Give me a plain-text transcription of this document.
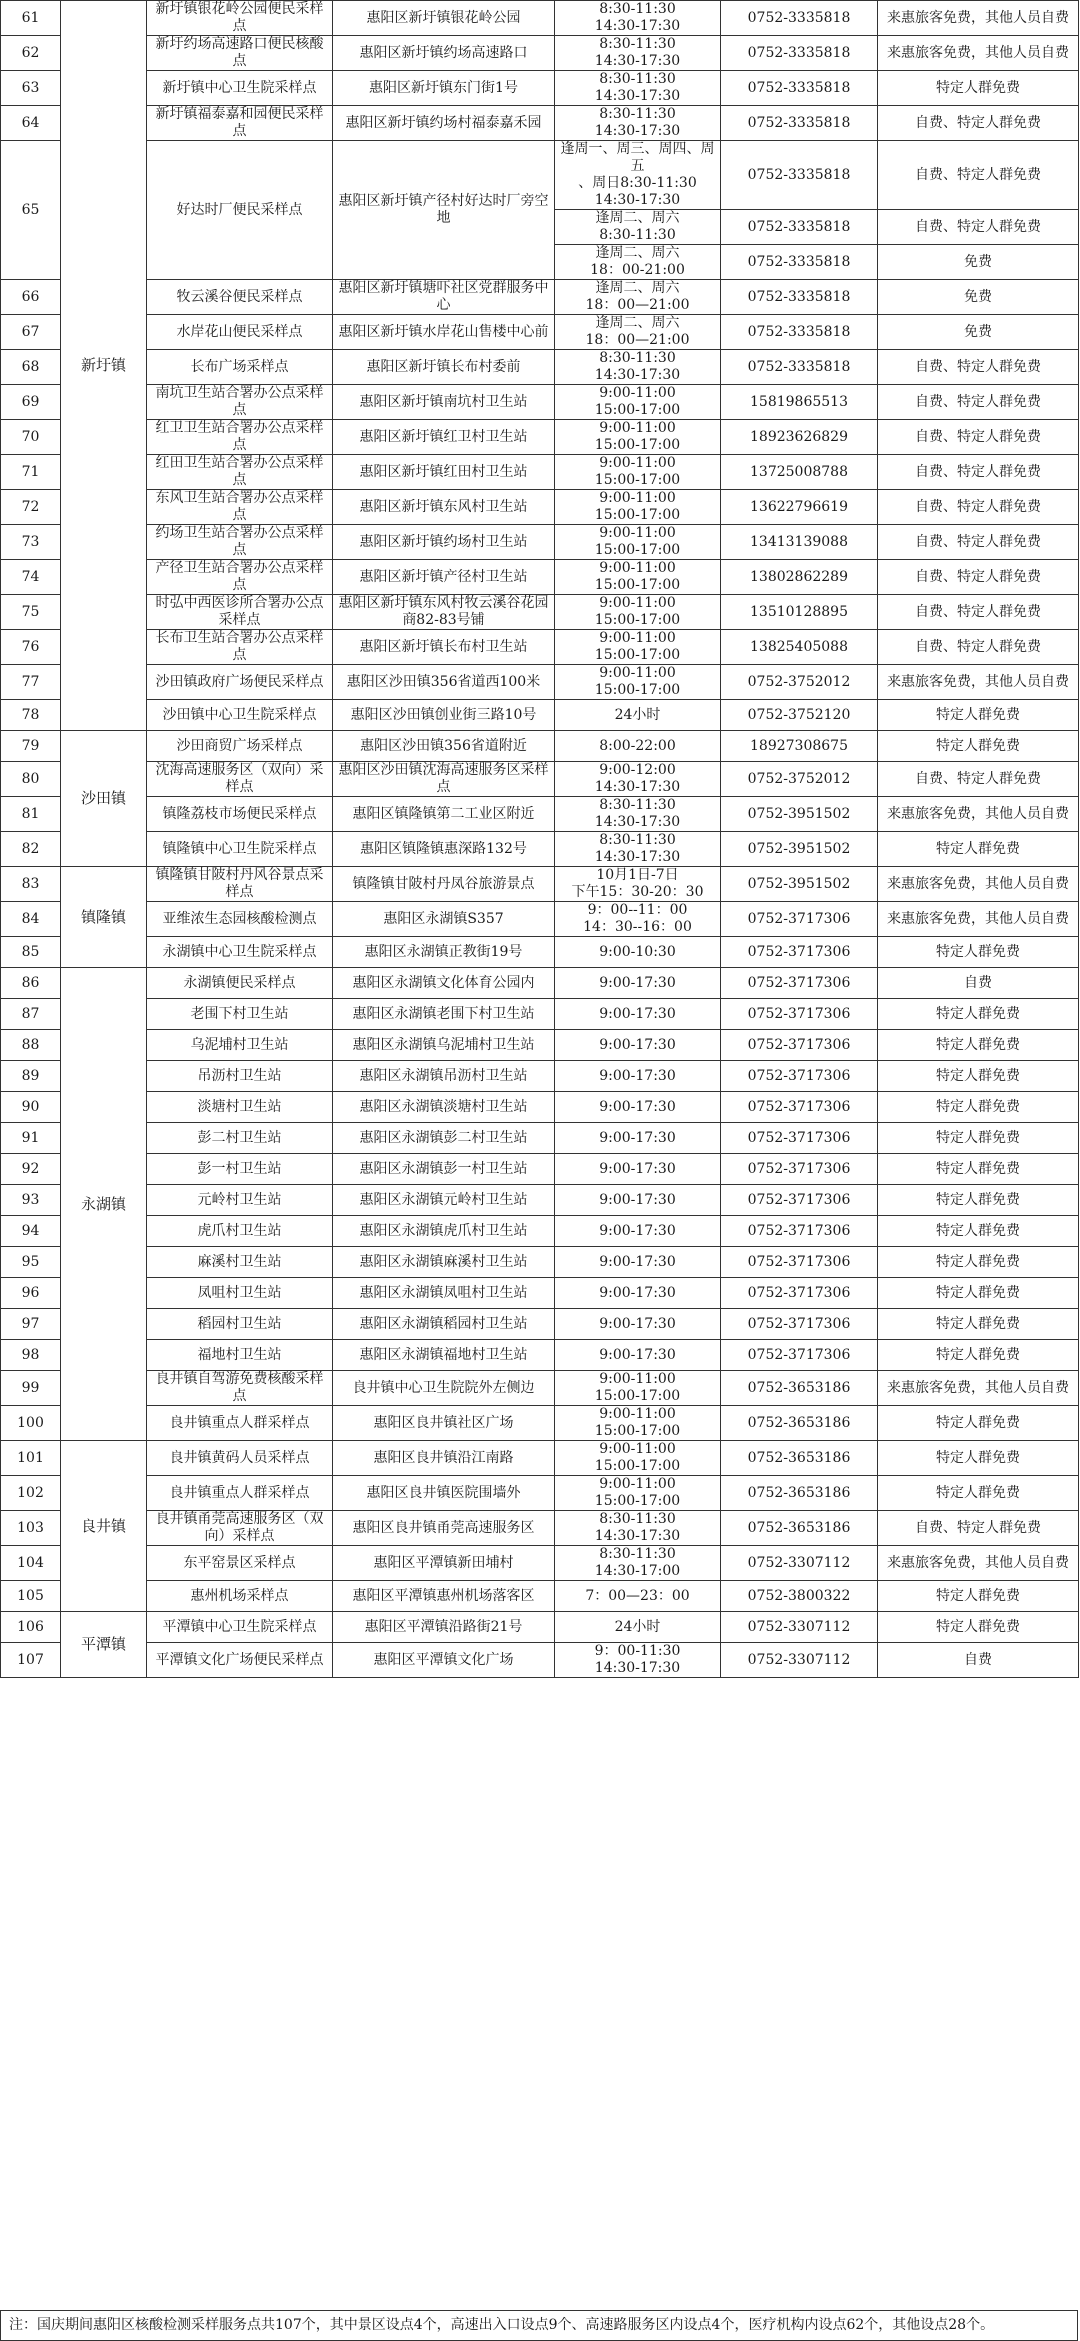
61	新圩镇	新圩镇银花岭公园便民采样点	惠阳区新圩镇银花岭公园	8:30-11:30
14:30-17:30	0752-3335818	来惠旅客免费，其他人员自费
62		新圩约场高速路口便民核酸点	惠阳区新圩镇约场高速路口	8:30-11:30
14:30-17:30	0752-3335818	来惠旅客免费，其他人员自费
63		新圩镇中心卫生院采样点	惠阳区新圩镇东门街1号	8:30-11:30
14:30-17:30	0752-3335818	特定人群免费
64		新圩镇福泰嘉和园便民采样点	惠阳区新圩镇约场村福泰嘉禾园	8:30-11:30
14:30-17:30	0752-3335818	自费、特定人群免费
65		好达时厂便民采样点	惠阳区新圩镇产径村好达时厂旁空地	逢周一、周三、周四、周五
、周日8:30-11:30
14:30-17:30	0752-3335818	自费、特定人群免费

				逢周二、周六
8:30-11:30	0752-3335818	自费、特定人群免费

				逢周二、周六
18：00-21:00	0752-3335818	免费
66		牧云溪谷便民采样点	惠阳区新圩镇塘吓社区党群服务中心	逢周二、周六
18：00—21:00	0752-3335818	免费
67		水岸花山便民采样点	惠阳区新圩镇水岸花山售楼中心前	逢周二、周六
18：00—21:00	0752-3335818	免费
68		长布广场采样点	惠阳区新圩镇长布村委前	8:30-11:30
14:30-17:30	0752-3335818	自费、特定人群免费
69		南坑卫生站合署办公点采样点	惠阳区新圩镇南坑村卫生站	9:00-11:00
15:00-17:00	15819865513	自费、特定人群免费
70		红卫卫生站合署办公点采样点	惠阳区新圩镇红卫村卫生站	9:00-11:00
15:00-17:00	18923626829	自费、特定人群免费
71		红田卫生站合署办公点采样点	惠阳区新圩镇红田村卫生站	9:00-11:00
15:00-17:00	13725008788	自费、特定人群免费
72		东风卫生站合署办公点采样点	惠阳区新圩镇东风村卫生站	9:00-11:00
15:00-17:00	13622796619	自费、特定人群免费
73		约场卫生站合署办公点采样点	惠阳区新圩镇约场村卫生站	9:00-11:00
15:00-17:00	13413139088	自费、特定人群免费
74		产径卫生站合署办公点采样点	惠阳区新圩镇产径村卫生站	9:00-11:00
15:00-17:00	13802862289	自费、特定人群免费
75		时弘中西医诊所合署办公点采样点	惠阳区新圩镇东风村牧云溪谷花园商82-83号铺	9:00-11:00
15:00-17:00	13510128895	自费、特定人群免费
76		长布卫生站合署办公点采样点	惠阳区新圩镇长布村卫生站	9:00-11:00
15:00-17:00	13825405088	自费、特定人群免费
77		沙田镇政府广场便民采样点	惠阳区沙田镇356省道西100米	9:00-11:00
15:00-17:00	0752-3752012	来惠旅客免费，其他人员自费
78		沙田镇中心卫生院采样点	惠阳区沙田镇创业街三路10号	24小时	0752-3752120	特定人群免费
79	沙田镇	沙田商贸广场采样点	惠阳区沙田镇356省道附近	8:00-22:00	18927308675	特定人群免费
80		沈海高速服务区（双向）采样点	惠阳区沙田镇沈海高速服务区采样点	9:00-12:00
14:30-17:30	0752-3752012	自费、特定人群免费
81		镇隆荔枝市场便民采样点	惠阳区镇隆镇第二工业区附近	8:30-11:30
14:30-17:30	0752-3951502	来惠旅客免费，其他人员自费
82		镇隆镇中心卫生院采样点	惠阳区镇隆镇惠深路132号	8:30-11:30
14:30-17:30	0752-3951502	特定人群免费
83	镇隆镇	镇隆镇甘陂村丹风谷景点采样点	镇隆镇甘陂村丹凤谷旅游景点	10月1日-7日
下午15：30-20：30	0752-3951502	来惠旅客免费，其他人员自费
84		亚维浓生态园核酸检测点	惠阳区永湖镇S357	9：00--11：00
14：30--16：00	0752-3717306	来惠旅客免费，其他人员自费
85		永湖镇中心卫生院采样点	惠阳区永湖镇正教街19号	9:00-10:30	0752-3717306	特定人群免费
86	永湖镇	永湖镇便民采样点	惠阳区永湖镇文化体育公园内	9:00-17:30	0752-3717306	自费
87		老围下村卫生站	惠阳区永湖镇老围下村卫生站	9:00-17:30	0752-3717306	特定人群免费
88		乌泥埔村卫生站	惠阳区永湖镇乌泥埔村卫生站	9:00-17:30	0752-3717306	特定人群免费
89		吊沥村卫生站	惠阳区永湖镇吊沥村卫生站	9:00-17:30	0752-3717306	特定人群免费
90		淡塘村卫生站	惠阳区永湖镇淡塘村卫生站	9:00-17:30	0752-3717306	特定人群免费
91		彭二村卫生站	惠阳区永湖镇彭二村卫生站	9:00-17:30	0752-3717306	特定人群免费
92		彭一村卫生站	惠阳区永湖镇彭一村卫生站	9:00-17:30	0752-3717306	特定人群免费
93		元岭村卫生站	惠阳区永湖镇元岭村卫生站	9:00-17:30	0752-3717306	特定人群免费
94		虎爪村卫生站	惠阳区永湖镇虎爪村卫生站	9:00-17:30	0752-3717306	特定人群免费
95		麻溪村卫生站	惠阳区永湖镇麻溪村卫生站	9:00-17:30	0752-3717306	特定人群免费
96		凤咀村卫生站	惠阳区永湖镇凤咀村卫生站	9:00-17:30	0752-3717306	特定人群免费
97		稻园村卫生站	惠阳区永湖镇稻园村卫生站	9:00-17:30	0752-3717306	特定人群免费
98		福地村卫生站	惠阳区永湖镇福地村卫生站	9:00-17:30	0752-3717306	特定人群免费
99		良井镇自驾游免费核酸采样点	良井镇中心卫生院院外左侧边	9:00-11:00
15:00-17:00	0752-3653186	来惠旅客免费，其他人员自费
100		良井镇重点人群采样点	惠阳区良井镇社区广场	9:00-11:00
15:00-17:00	0752-3653186	特定人群免费
101	良井镇	良井镇黄码人员采样点	惠阳区良井镇沿江南路	9:00-11:00
15:00-17:00	0752-3653186	特定人群免费
102		良井镇重点人群采样点	惠阳区良井镇医院围墙外	9:00-11:00
15:00-17:00	0752-3653186	特定人群免费
103		良井镇甬莞高速服务区（双向）采样点	惠阳区良井镇甬莞高速服务区	8:30-11:30
14:30-17:30	0752-3653186	自费、特定人群免费
104		东平窑景区采样点	惠阳区平潭镇新田埔村	8:30-11:30
14:30-17:00	0752-3307112	来惠旅客免费，其他人员自费
105		惠州机场采样点	惠阳区平潭镇惠州机场落客区	7：00—23：00	0752-3800322	特定人群免费
106	平潭镇	平潭镇中心卫生院采样点	惠阳区平潭镇沿路街21号	24小时	0752-3307112	特定人群免费
107		平潭镇文化广场便民采样点	惠阳区平潭镇文化广场	9：00-11:30
14:30-17:30	0752-3307112	自费
注：国庆期间惠阳区核酸检测采样服务点共107个，其中景区设点4个，高速出入口设点9个、高速路服务区内设点4个，医疗机构内设点62个，其他设点28个。
